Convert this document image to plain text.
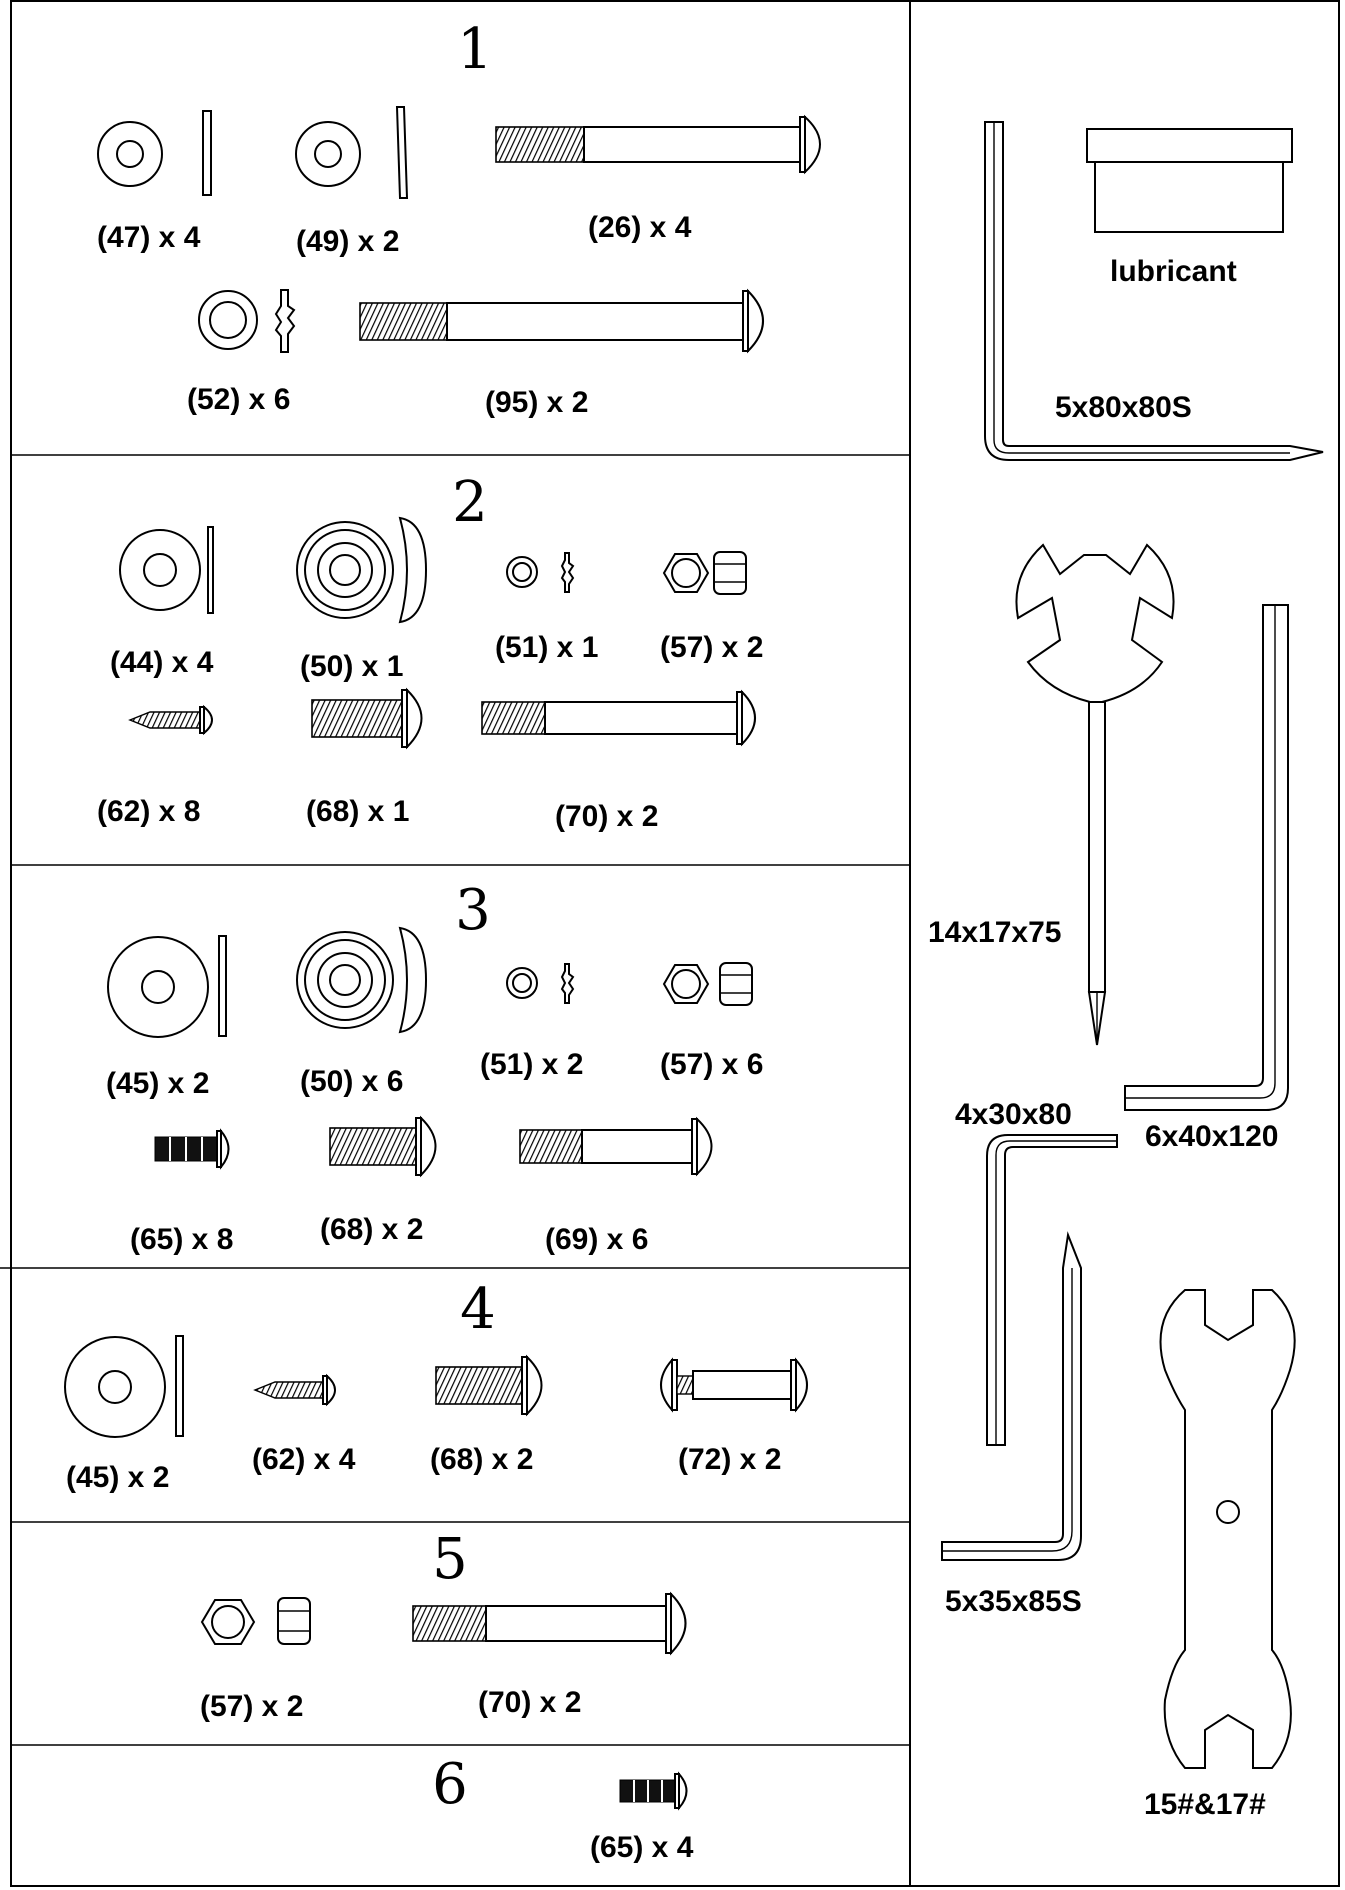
1
2
3
4
5
6
(47) x 4	(49) x 2	(26) x 4
(52) x 6	(95) x 2
(44) x 4	(50) x 1
(51) x 1 (57) x 2
(62) x 8	(68) x 1	(70) x 2
(45) x 2	(50) x 6
(51) x 2	(57) x 6
(65) x 8	(68) x 2	(69) x 6
(45) x 2
(62) x 4 (68) x 2	(72) x 2
(57) x 2	(70) x 2
(65) x 4
lubricant
5x80x80S
14x17x75
4x30x80
6x40x120
5x35x85S
15#&17#
